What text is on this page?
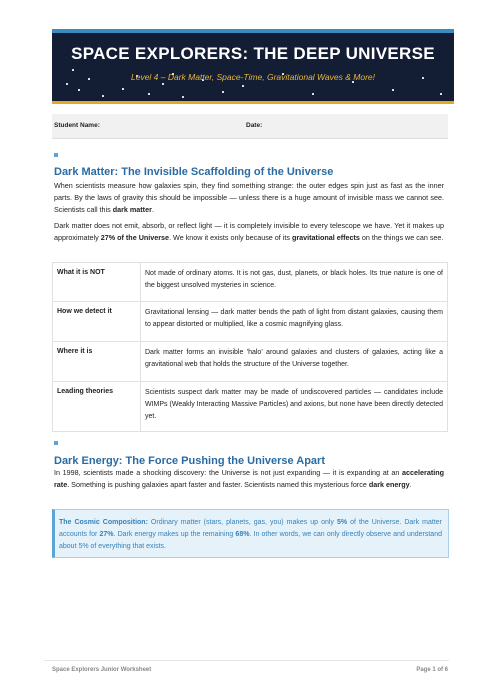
SPACE EXPLORERS: THE DEEP UNIVERSE
Level 4 – Dark Matter, Space-Time, Gravitational Waves & More!
Student Name:	Date:
Dark Matter: The Invisible Scaffolding of the Universe
When scientists measure how galaxies spin, they find something strange: the outer edges spin just as fast as the inner parts. By the laws of gravity this should be impossible — unless there is a huge amount of invisible mass we cannot see. Scientists call this dark matter.
Dark matter does not emit, absorb, or reflect light — it is completely invisible to every telescope we have. Yet it makes up approximately 27% of the Universe. We know it exists only because of its gravitational effects on the things we can see.
What it is NOT	Not made of ordinary atoms. It is not gas, dust, planets, or black holes. Its true nature is one of the biggest unsolved mysteries in science.
How we detect it	Gravitational lensing — dark matter bends the path of light from distant galaxies, causing them to appear distorted or multiplied, like a cosmic magnifying glass.
Where it is	Dark matter forms an invisible 'halo' around galaxies and clusters of galaxies, acting like a gravitational web that holds the structure of the Universe together.
Leading theories	Scientists suspect dark matter may be made of undiscovered particles — candidates include WIMPs (Weakly Interacting Massive Particles) and axions, but none have been directly detected yet.
Dark Energy: The Force Pushing the Universe Apart
In 1998, scientists made a shocking discovery: the Universe is not just expanding — it is expanding at an accelerating rate. Something is pushing galaxies apart faster and faster. Scientists named this mysterious force dark energy.
The Cosmic Composition: Ordinary matter (stars, planets, gas, you) makes up only 5% of the Universe. Dark matter accounts for 27%. Dark energy makes up the remaining 68%. In other words, we can only directly observe and understand about 5% of everything that exists.
Space Explorers Junior Worksheet	Page 1 of 6
